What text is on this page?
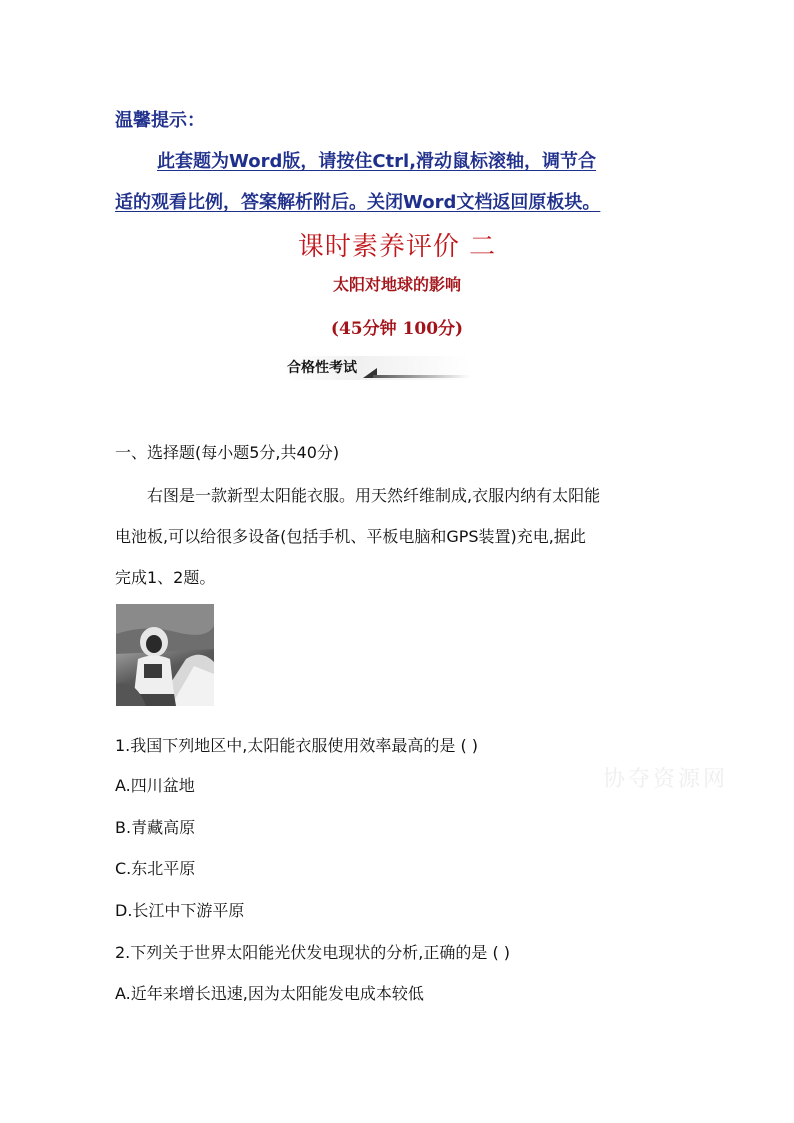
温馨提示：
此套题为Word版，请按住Ctrl,滑动鼠标滚轴，调节合
适的观看比例，答案解析附后。关闭Word文档返回原板块。
课时素养评价 二
太阳对地球的影响
(45分钟 100分)
合格性考试
一、选择题(每小题5分,共40分)
右图是一款新型太阳能衣服。用天然纤维制成,衣服内纳有太阳能
电池板,可以给很多设备(包括手机、平板电脑和GPS装置)充电,据此
完成1、2题。
1.我国下列地区中,太阳能衣服使用效率最高的是 ( )
A.四川盆地
B.青藏高原
C.东北平原
D.长江中下游平原
2.下列关于世界太阳能光伏发电现状的分析,正确的是 ( )
A.近年来增长迅速,因为太阳能发电成本较低
协夺资源网
